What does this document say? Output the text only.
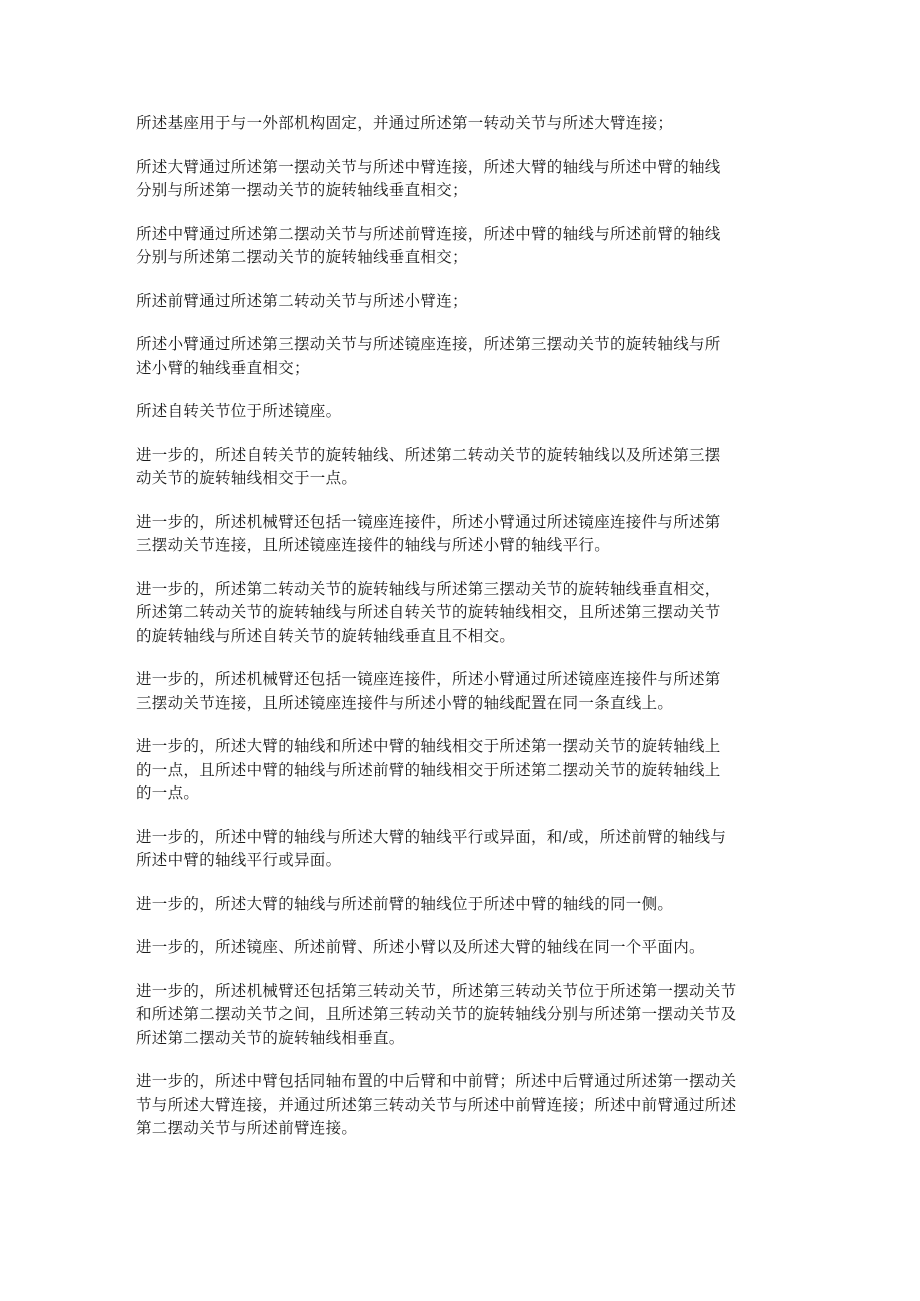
所述基座用于与一外部机构固定，并通过所述第一转动关节与所述大臂连接；

所述大臂通过所述第一摆动关节与所述中臂连接，所述大臂的轴线与所述中臂的轴线
分别与所述第一摆动关节的旋转轴线垂直相交；

所述中臂通过所述第二摆动关节与所述前臂连接，所述中臂的轴线与所述前臂的轴线
分别与所述第二摆动关节的旋转轴线垂直相交；

所述前臂通过所述第二转动关节与所述小臂连；

所述小臂通过所述第三摆动关节与所述镜座连接，所述第三摆动关节的旋转轴线与所
述小臂的轴线垂直相交；

所述自转关节位于所述镜座。

进一步的，所述自转关节的旋转轴线、所述第二转动关节的旋转轴线以及所述第三摆
动关节的旋转轴线相交于一点。

进一步的，所述机械臂还包括一镜座连接件，所述小臂通过所述镜座连接件与所述第
三摆动关节连接，且所述镜座连接件的轴线与所述小臂的轴线平行。

进一步的，所述第二转动关节的旋转轴线与所述第三摆动关节的旋转轴线垂直相交，
所述第二转动关节的旋转轴线与所述自转关节的旋转轴线相交，且所述第三摆动关节
的旋转轴线与所述自转关节的旋转轴线垂直且不相交。

进一步的，所述机械臂还包括一镜座连接件，所述小臂通过所述镜座连接件与所述第
三摆动关节连接，且所述镜座连接件与所述小臂的轴线配置在同一条直线上。

进一步的，所述大臂的轴线和所述中臂的轴线相交于所述第一摆动关节的旋转轴线上
的一点，且所述中臂的轴线与所述前臂的轴线相交于所述第二摆动关节的旋转轴线上
的一点。

进一步的，所述中臂的轴线与所述大臂的轴线平行或异面，和/或，所述前臂的轴线与
所述中臂的轴线平行或异面。

进一步的，所述大臂的轴线与所述前臂的轴线位于所述中臂的轴线的同一侧。

进一步的，所述镜座、所述前臂、所述小臂以及所述大臂的轴线在同一个平面内。

进一步的，所述机械臂还包括第三转动关节，所述第三转动关节位于所述第一摆动关节
和所述第二摆动关节之间，且所述第三转动关节的旋转轴线分别与所述第一摆动关节及
所述第二摆动关节的旋转轴线相垂直。

进一步的，所述中臂包括同轴布置的中后臂和中前臂；所述中后臂通过所述第一摆动关
节与所述大臂连接，并通过所述第三转动关节与所述中前臂连接；所述中前臂通过所述
第二摆动关节与所述前臂连接。
